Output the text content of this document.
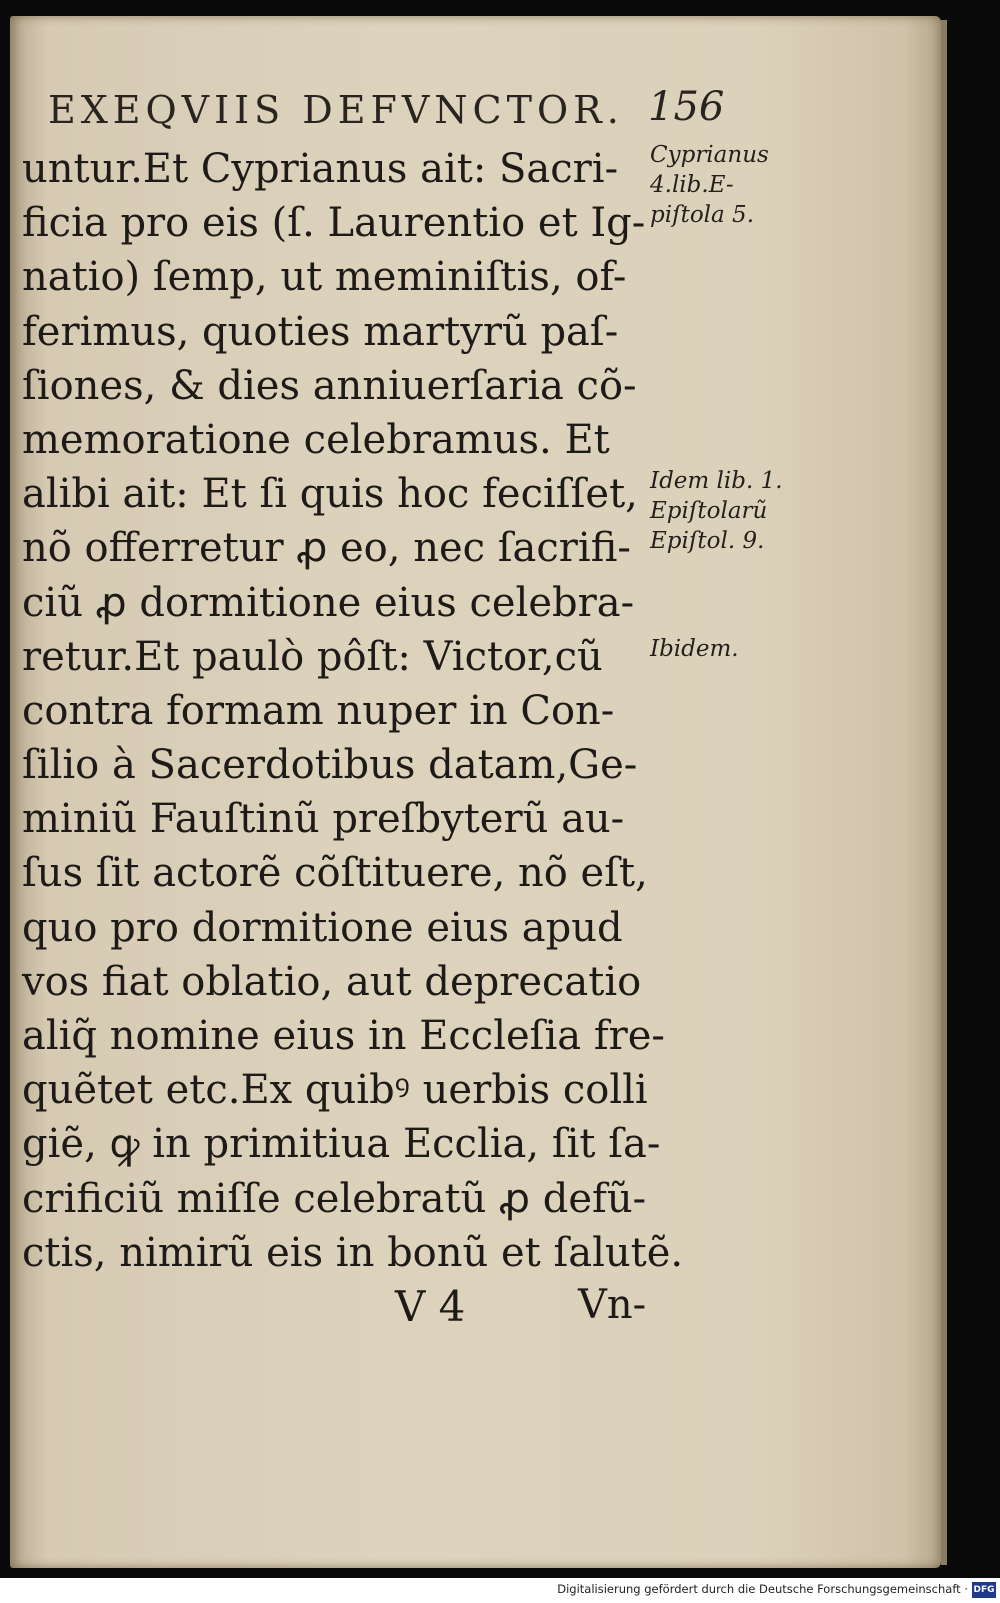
EXEQVIIS DEFVNCTOR. 156
untur.Et Cyprianus ait: Sacri-
ficia pro eis (ſ. Laurentio et Ig-
natio) ſemp, ut meminiſtis, of-
ferimus, quoties martyrũ paſ-
ſiones, & dies anniuerſaria cõ-
memoratione celebramus. Et
alibi ait: Et ſi quis hoc feciſſet,
nõ offerretur ꝓ eo, nec ſacrifi-
ciũ ꝓ dormitione eius celebra-
retur.Et paulò pôſt: Victor,cũ
contra formam nuper in Con-
ſilio à Sacerdotibus datam,Ge-
miniũ Fauſtinũ preſbyterũ au-
ſus ſit actorẽ cõſtituere, nõ eſt,
quo pro dormitione eius apud
vos fiat oblatio, aut deprecatio
aliq̃ nomine eius in Eccleſia fre-
quẽtet etc.Ex quibꝰ uerbis colli
giẽ, ꝙ in primitiua Ecclia, ſit ſa-
crificiũ miſſe celebratũ ꝓ defũ-
ctis, nimirũ eis in bonũ et ſalutẽ.
Cyprianus
4.lib.E-
piſtola 5.
Idem lib. 1.
Epiſtolarũ
Epiſtol. 9.
Ibidem.
V 4	Vn-
Digitalisierung gefördert durch die Deutsche Forschungsgemeinschaft · DFG
